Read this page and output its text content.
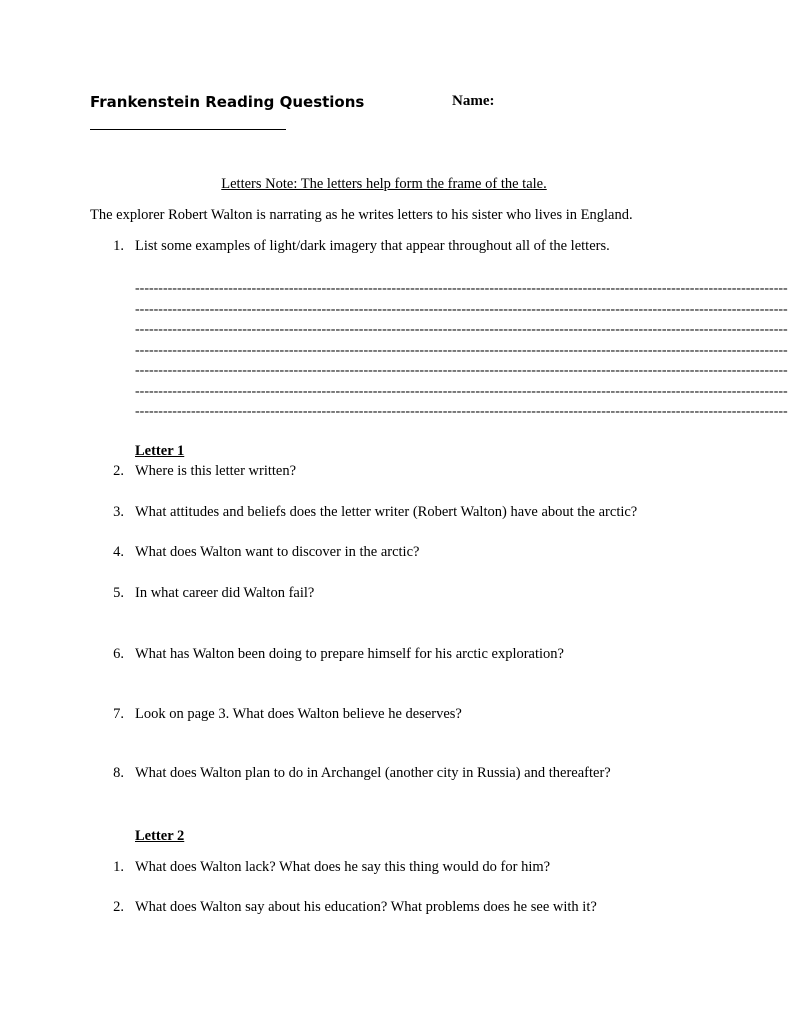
Frankenstein Reading Questions	Name:
Letters Note: The letters help form the frame of the tale.
The explorer Robert Walton is narrating as he writes letters to his sister who lives in England.
1. List some examples of light/dark imagery that appear throughout all of the letters.
--------------------------------------------------------------------------------------------------------------------------------------------
--------------------------------------------------------------------------------------------------------------------------------------------
--------------------------------------------------------------------------------------------------------------------------------------------
--------------------------------------------------------------------------------------------------------------------------------------------
--------------------------------------------------------------------------------------------------------------------------------------------
--------------------------------------------------------------------------------------------------------------------------------------------
--------------------------------------------------------------------------------------------------------------------------------------------
Letter 1
2. Where is this letter written?
3. What attitudes and beliefs does the letter writer (Robert Walton) have about the arctic?
4. What does Walton want to discover in the arctic?
5. In what career did Walton fail?
6. What has Walton been doing to prepare himself for his arctic exploration?
7. Look on page 3. What does Walton believe he deserves?
8. What does Walton plan to do in Archangel (another city in Russia) and thereafter?
Letter 2
1. What does Walton lack? What does he say this thing would do for him?
2. What does Walton say about his education? What problems does he see with it?
